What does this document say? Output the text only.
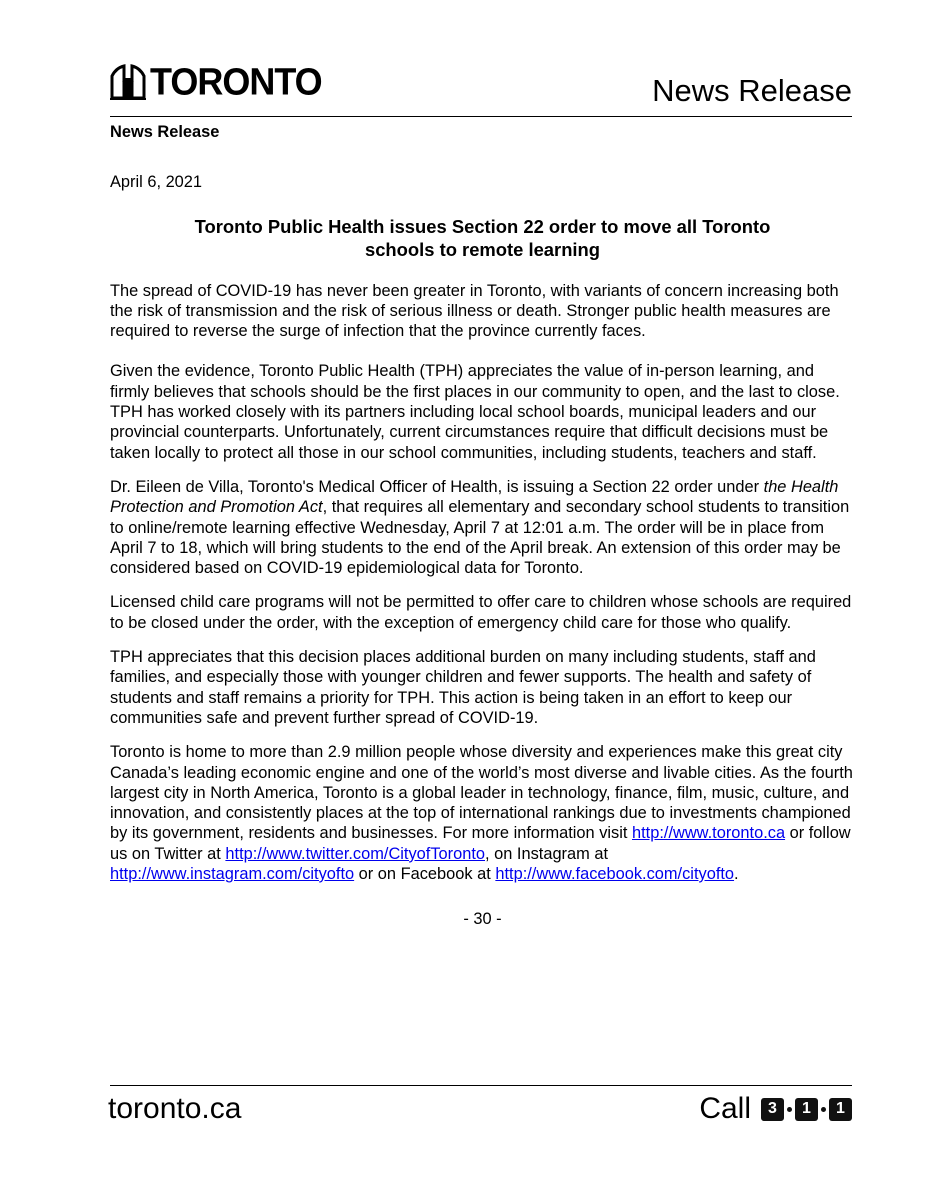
TORONTO	News Release

News Release

April 6, 2021

Toronto Public Health issues Section 22 order to move all Toronto
schools to remote learning

The spread of COVID-19 has never been greater in Toronto, with variants of concern increasing both the risk of transmission and the risk of serious illness or death. Stronger public health measures are required to reverse the surge of infection that the province currently faces.

Given the evidence, Toronto Public Health (TPH) appreciates the value of in-person learning, and firmly believes that schools should be the first places in our community to open, and the last to close. TPH has worked closely with its partners including local school boards, municipal leaders and our provincial counterparts. Unfortunately, current circumstances require that difficult decisions must be taken locally to protect all those in our school communities, including students, teachers and staff.

Dr. Eileen de Villa, Toronto's Medical Officer of Health, is issuing a Section 22 order under the Health Protection and Promotion Act, that requires all elementary and secondary school students to transition to online/remote learning effective Wednesday, April 7 at 12:01 a.m. The order will be in place from April 7 to 18, which will bring students to the end of the April break. An extension of this order may be considered based on COVID-19 epidemiological data for Toronto.

Licensed child care programs will not be permitted to offer care to children whose schools are required to be closed under the order, with the exception of emergency child care for those who qualify.

TPH appreciates that this decision places additional burden on many including students, staff and families, and especially those with younger children and fewer supports. The health and safety of students and staff remains a priority for TPH. This action is being taken in an effort to keep our communities safe and prevent further spread of COVID-19.

Toronto is home to more than 2.9 million people whose diversity and experiences make this great city Canada’s leading economic engine and one of the world’s most diverse and livable cities. As the fourth largest city in North America, Toronto is a global leader in technology, finance, film, music, culture, and innovation, and consistently places at the top of international rankings due to investments championed by its government, residents and businesses. For more information visit http://www.toronto.ca or follow us on Twitter at http://www.twitter.com/CityofToronto, on Instagram at http://www.instagram.com/cityofto or on Facebook at http://www.facebook.com/cityofto.

- 30 -

toronto.ca	Call	3	1	1
